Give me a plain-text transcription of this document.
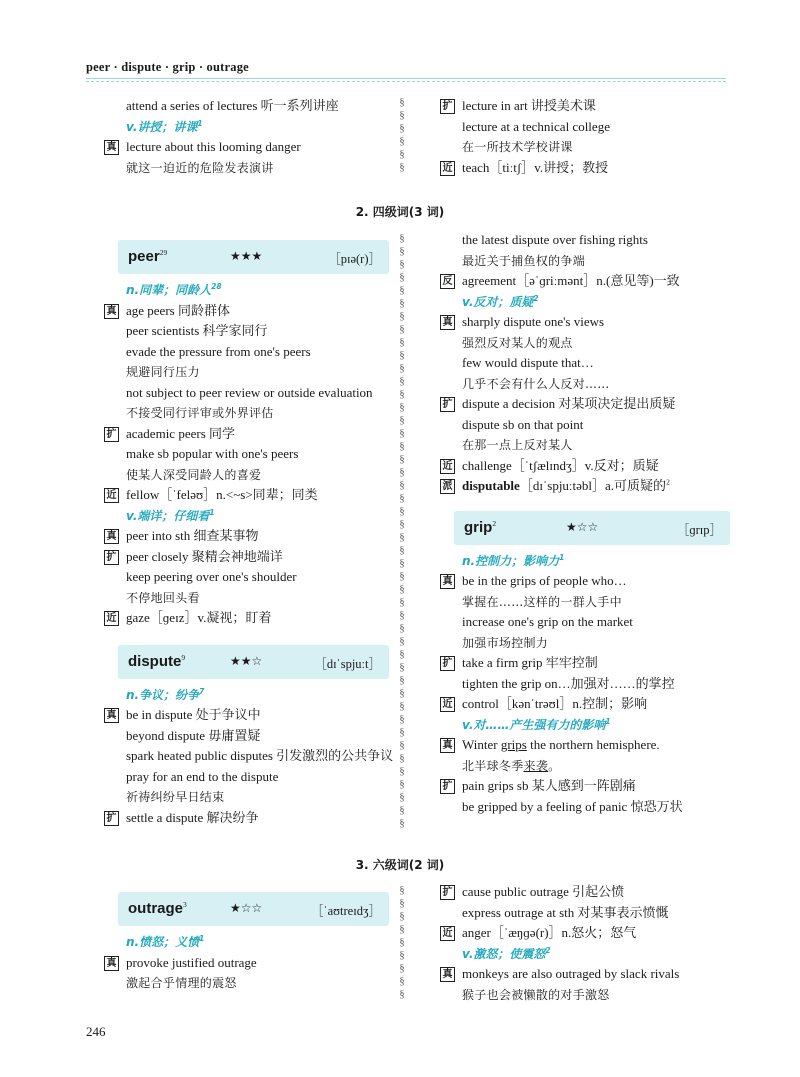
peer · dispute · grip · outrage
attend a series of lectures 听一系列讲座
v.讲授；讲课$^1$
真 lecture about this looming danger
就这一迫近的危险发表演讲
扩 lecture in art 讲授美术课
lecture at a technical college
在一所技术学校讲课
近 teach［tiːtʃ］v.讲授；教授
§
§
§
§
§
§
2. 四级词(3 词)
peer$^{29}$	★★★	［pɪə(r)］
n.同辈；同龄人$^{28}$
真 age peers 同龄群体
peer scientists 科学家同行
evade the pressure from one's peers
规避同行压力
not subject to peer review or outside evaluation
不接受同行评审或外界评估
扩 academic peers 同学
make sb popular with one's peers
使某人深受同龄人的喜爱
近 fellow［ˈfeləʊ］n.<~s>同辈；同类
v.端详；仔细看$^1$
真 peer into sth 细查某事物
扩 peer closely 聚精会神地端详
keep peering over one's shoulder
不停地回头看
近 gaze［ɡeɪz］v.凝视；盯着
dispute$^9$	★★☆	［dɪˈspjuːt］
n.争议；纷争$^7$
真 be in dispute 处于争议中
beyond dispute 毋庸置疑
spark heated public disputes 引发激烈的公共争议
pray for an end to the dispute
祈祷纠纷早日结束
扩 settle a dispute 解决纷争
the latest dispute over fishing rights
最近关于捕鱼权的争端
反 agreement［əˈɡriːmənt］n.(意见等)一致
v.反对；质疑$^2$
真 sharply dispute one's views
强烈反对某人的观点
few would dispute that…
几乎不会有什么人反对……
扩 dispute a decision 对某项决定提出质疑
dispute sb on that point
在那一点上反对某人
近 challenge［ˈtʃælɪndʒ］v.反对；质疑
派 disputable［dɪˈspjuːtəbl］a.可质疑的$^2$
grip$^2$	★☆☆	［ɡrɪp］
n.控制力；影响力$^1$
真 be in the grips of people who…
掌握在……这样的一群人手中
increase one's grip on the market
加强市场控制力
扩 take a firm grip 牢牢控制
tighten the grip on…加强对……的掌控
近 control［kənˈtrəʊl］n.控制；影响
v.对……产生强有力的影响$^1$
真 Winter grips the northern hemisphere.
北半球冬季来袭。
扩 pain grips sb 某人感到一阵剧痛
be gripped by a feeling of panic 惊恐万状
§
§
§
§
§
§
§
§
§
§
§
§
§
§
§
§
§
§
§
§
§
§
§
§
§
§
§
§
§
§
§
§
§
§
§
§
§
§
§
§
§
§
§
§
§
§
3. 六级词(2 词)
outrage$^3$	★☆☆	［ˈaʊtreɪdʒ］
n.愤怒；义愤$^1$
真 provoke justified outrage
激起合乎情理的震怒
扩 cause public outrage 引起公愤
express outrage at sth 对某事表示愤慨
近 anger［ˈæŋɡə(r)］n.怒火；怒气
v.激怒；使震怒$^2$
真 monkeys are also outraged by slack rivals
猴子也会被懒散的对手激怒
§
§
§
§
§
§
§
§
§
246
